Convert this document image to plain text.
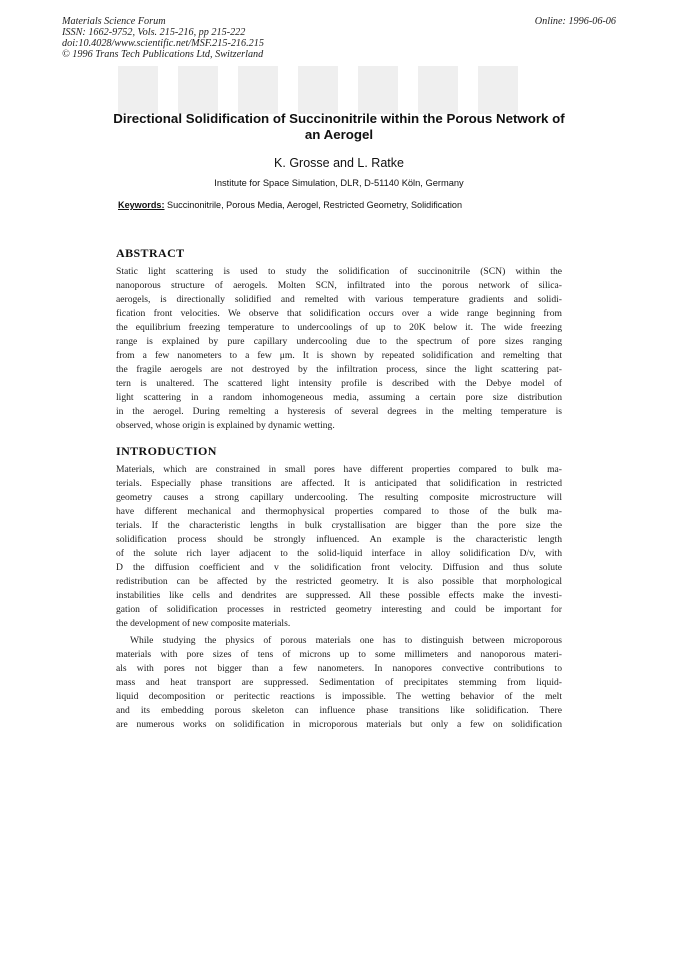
Materials Science Forum
ISSN: 1662-9752, Vols. 215-216, pp 215-222
doi:10.4028/www.scientific.net/MSF.215-216.215
© 1996 Trans Tech Publications Ltd, Switzerland
Online: 1996-06-06
Directional Solidification of Succinonitrile within the Porous Network of
an Aerogel
K. Grosse and L. Ratke
Institute for Space Simulation, DLR, D-51140 Köln, Germany
Keywords: Succinonitrile, Porous Media, Aerogel, Restricted Geometry, Solidification
ABSTRACT
Static light scattering is used to study the solidification of succinonitrile (SCN) within the
nanoporous structure of aerogels. Molten SCN, infiltrated into the porous network of silica-
aerogels, is directionally solidified and remelted with various temperature gradients and solidi-
fication front velocities. We observe that solidification occurs over a wide range beginning from
the equilibrium freezing temperature to undercoolings of up to 20K below it. The wide freezing
range is explained by pure capillary undercooling due to the spectrum of pore sizes ranging
from a few nanometers to a few μm. It is shown by repeated solidification and remelting that
the fragile aerogels are not destroyed by the infiltration process, since the light scattering pat-
tern is unaltered. The scattered light intensity profile is described with the Debye model of
light scattering in a random inhomogeneous media, assuming a certain pore size distribution
in the aerogel. During remelting a hysteresis of several degrees in the melting temperature is
observed, whose origin is explained by dynamic wetting.
INTRODUCTION
Materials, which are constrained in small pores have different properties compared to bulk ma-
terials. Especially phase transitions are affected. It is anticipated that solidification in restricted
geometry causes a strong capillary undercooling. The resulting composite microstructure will
have different mechanical and thermophysical properties compared to those of the bulk ma-
terials. If the characteristic lengths in bulk crystallisation are bigger than the pore size the
solidification process should be strongly influenced. An example is the characteristic length
of the solute rich layer adjacent to the solid-liquid interface in alloy solidification D/v, with
D the diffusion coefficient and v the solidification front velocity. Diffusion and thus solute
redistribution can be affected by the restricted geometry. It is also possible that morphological
instabilities like cells and dendrites are suppressed. All these possible effects make the investi-
gation of solidification processes in restricted geometry interesting and could be important for
the development of new composite materials.
While studying the physics of porous materials one has to distinguish between microporous
materials with pore sizes of tens of microns up to some millimeters and nanoporous materi-
als with pores not bigger than a few nanometers. In nanopores convective contributions to
mass and heat transport are suppressed. Sedimentation of precipitates stemming from liquid-
liquid decomposition or peritectic reactions is impossible. The wetting behavior of the melt
and its embedding porous skeleton can influence phase transitions like solidification. There
are numerous works on solidification in microporous materials but only a few on solidification
